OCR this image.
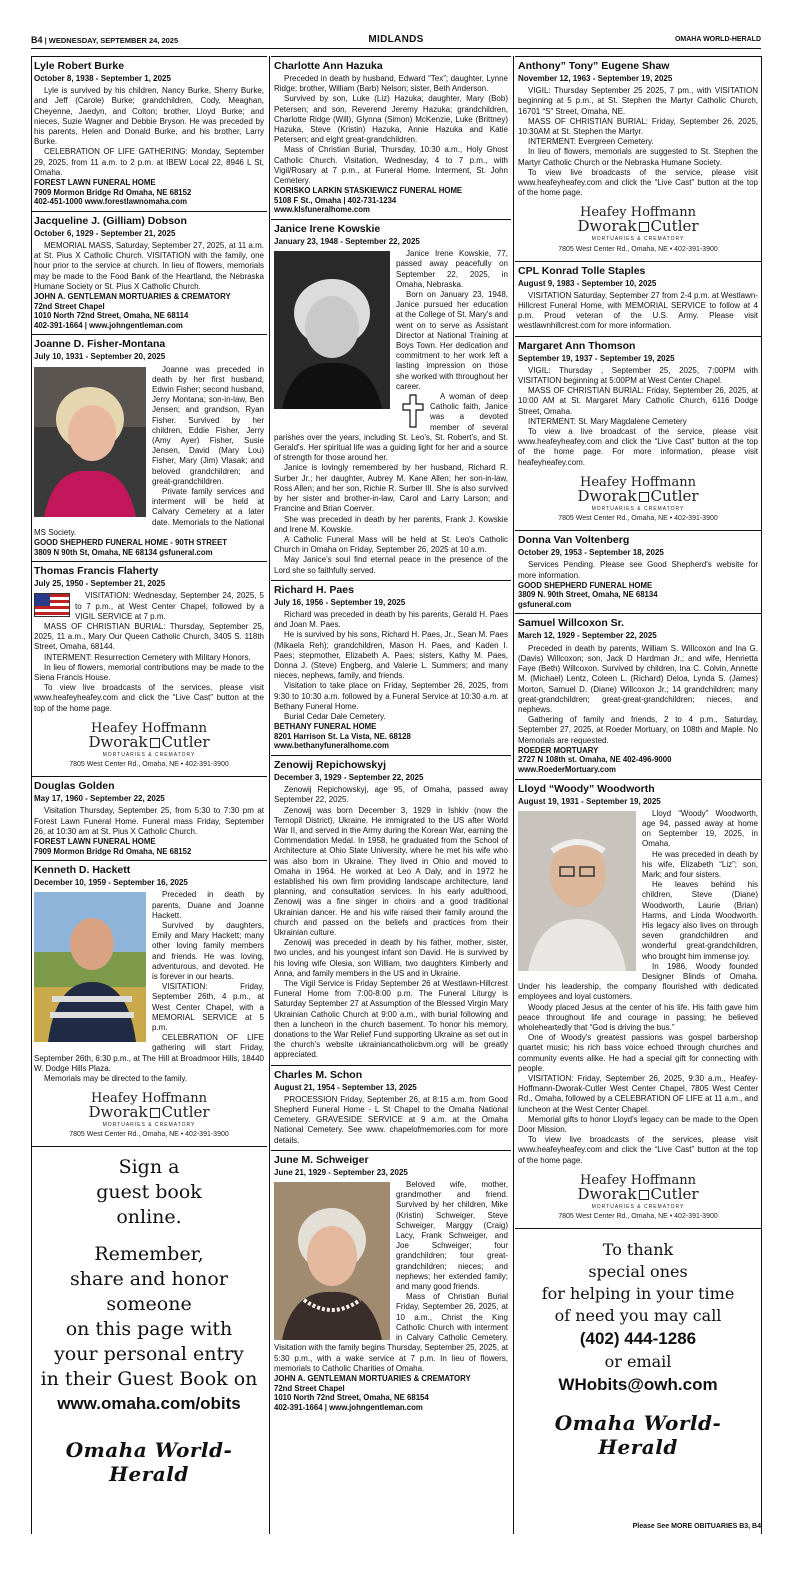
B4 | WEDNESDAY, SEPTEMBER 24, 2025	MIDLANDS	OMAHA WORLD-HERALD
Lyle Robert Burke
October 8, 1938 - September 1, 2025

Lyle is survived by his children, Nancy Burke, Sherry Burke, and Jeff (Carole) Burke; grandchildren, Cody, Meaghan, Cheyenne, Jaedyn, and Colton; brother, Lloyd Burke; and nieces, Suzie Wagner and Debbie Bryson. He was preceded by his parents, Helen and Donald Burke, and his brother, Larry Burke.

CELEBRATION OF LIFE GATHERING: Monday, September 29, 2025, from 11 a.m. to 2 p.m. at IBEW Local 22, 8946 L St, Omaha.

FOREST LAWN FUNERAL HOME
7909 Mormon Bridge Rd Omaha, NE 68152
402-451-1000 www.forestlawnomaha.com
Jacqueline J. (Gilliam) Dobson
October 6, 1929 - September 21, 2025

MEMORIAL MASS, Saturday, September 27, 2025, at 11 a.m. at St. Pius X Catholic Church. VISITATION with the family, one hour prior to the service at church. In lieu of flowers, memorials may be made to the Food Bank of the Heartland, the Nebraska Humane Society or St. Pius X Catholic Church.

JOHN A. GENTLEMAN MORTUARIES & CREMATORY
72nd Street Chapel
1010 North 72nd Street, Omaha, NE 68114
402-391-1664 | www.johngentleman.com
Joanne D. Fisher-Montana
July 10, 1931 - September 20, 2025

Joanne was preceded in death by her first husband, Edwin Fisher; second husband, Jerry Montana; son-in-law, Ben Jensen; and grandson, Ryan Fisher. Survived by her children, Eddie Fisher, Jerry (Amy Ayer) Fisher, Susie Jensen, David (Mary Lou) Fisher, Mary (Jim) Vlasak; and beloved grandchildren; and great-grandchildren.

Private family services and interment will be held at Calvary Cemetery at a later date. Memorials to the National MS Society.

GOOD SHEPHERD FUNERAL HOME - 90TH STREET
3809 N 90th St, Omaha, NE 68134 gsfuneral.com
Thomas Francis Flaherty
July 25, 1950 - September 21, 2025

VISITATION: Wednesday, September 24, 2025, 5 to 7 p.m., at West Center Chapel, followed by a VIGIL SERVICE at 7 p.m.

MASS OF CHRISTIAN BURIAL: Thursday, September 25, 2025, 11 a.m., Mary Our Queen Catholic Church, 3405 S. 118th Street, Omaha, 68144.

INTERMENT: Resurrection Cemetery with Military Honors.

In lieu of flowers, memorial contributions may be made to the Siena Francis House.

To view live broadcasts of the services, please visit www.heafeyheafey.com and click the “Live Cast” button at the top of the home page.

Heafey Hoffmann
Dworak Cutler
MORTUARIES & CREMATORY
7805 West Center Rd., Omaha, NE • 402-391-3900
Douglas Golden
May 17, 1960 - September 22, 2025

Visitation Thursday, September 25, from 5:30 to 7:30 pm at Forest Lawn Funeral Home. Funeral mass Friday, September 26, at 10:30 am at St. Pius X Catholic Church.

FOREST LAWN FUNERAL HOME
7909 Mormon Bridge Rd Omaha, NE 68152
Kenneth D. Hackett
December 10, 1959 - September 16, 2025

Preceded in death by parents, Duane and Joanne Hackett.

Survived by daughters, Emily and Mary Hackett; many other loving family members and friends. He was loving, adventurous, and devoted. He is forever in our hearts.

VISITATION: Friday, September 26th, 4 p.m., at West Center Chapel, with a MEMORIAL SERVICE at 5 p.m.

CELEBRATION OF LIFE gathering will start Friday, September 26th, 6:30 p.m., at The Hill at Broadmoor Hills, 18440 W. Dodge Hills Plaza.

Memorials may be directed to the family.

Heafey Hoffmann
Dworak Cutler
MORTUARIES & CREMATORY
7805 West Center Rd., Omaha, NE • 402-391-3900
Sign a
guest book
online.
Remember,
share and honor
someone
on this page with
your personal entry
in their Guest Book on
www.omaha.com/obits
Omaha World-Herald
Charlotte Ann Hazuka

Preceded in death by husband, Edward “Tex”; daughter, Lynne Ridge; brother, William (Barb) Nelson; sister, Beth Anderson.

Survived by son, Luke (Liz) Hazuka; daughter, Mary (Bob) Petersen; and son, Reverend Jeremy Hazuka; grandchildren, Charlotte Ridge (Will), Glynna (Simon) McKenzie, Luke (Brittney) Hazuka, Steve (Kristin) Hazuka, Annie Hazuka and Katie Petersen; and eight great-grandchildren.

Mass of Christian Burial, Thursday, 10:30 a.m., Holy Ghost Catholic Church. Visitation, Wednesday, 4 to 7 p.m., with Vigil/Rosary at 7 p.m., at Funeral Home. Interment, St. John Cemetery.

KORISKO LARKIN STASKIEWICZ FUNERAL HOME
5108 F St., Omaha | 402-731-1234
www.klsfuneralhome.com
Janice Irene Kowskie
January 23, 1948 - September 22, 2025

Janice Irene Kowskie, 77, passed away peacefully on September 22, 2025, in Omaha, Nebraska.

Born on January 23, 1948, Janice pursued her education at the College of St. Mary's and went on to serve as Assistant Director at National Training at Boys Town. Her dedication and commitment to her work left a lasting impression on those she worked with throughout her career.

A woman of deep Catholic faith, Janice was a devoted member of several parishes over the years, including St. Leo's, St. Robert's, and St. Gerald's. Her spiritual life was a guiding light for her and a source of strength for those around her.

Janice is lovingly remembered by her husband, Richard R. Surber Jr.; her daughter, Aubrey M. Kane Allen; her son-in-law, Ross Allen; and her son, Richie R. Surber III. She is also survived by her sister and brother-in-law, Carol and Larry Larson; and Francine and Brian Coerver.

She was preceded in death by her parents, Frank J. Kowskie and Irene M. Kowskie.

A Catholic Funeral Mass will be held at St. Leo's Catholic Church in Omaha on Friday, September 26, 2025 at 10 a.m.

May Janice's soul find eternal peace in the presence of the Lord she so faithfully served.

Richard H. Paes
July 16, 1956 - September 19, 2025

Richard was preceded in death by his parents, Gerald H. Paes and Joan M. Paes.

He is survived by his sons, Richard H. Paes, Jr., Sean M. Paes (Mikaela Reh); grandchildren, Mason H. Paes, and Kaden I. Paes; stepmother, Elizabeth A. Paes; sisters, Kathy M. Paes, Donna J. (Steve) Engberg, and Valerie L. Summers; and many nieces, nephews, family, and friends.

Visitation to take place on Friday, September 26, 2025, from 9:30 to 10:30 a.m. followed by a Funeral Service at 10:30 a.m. at Bethany Funeral Home.

Burial Cedar Dale Cemetery.

BETHANY FUNERAL HOME
8201 Harrison St. La Vista, NE. 68128
www.bethanyfuneralhome.com
Zenowij Repichowskyj
December 3, 1929 - September 22, 2025

Zenowij Repichowskyj, age 95, of Omaha, passed away September 22, 2025.

Zenowij was born December 3, 1929 in Ishkiv (now the Ternopil District), Ukraine. He immigrated to the US after World War II, and served in the Army during the Korean War, earning the Commendation Medal. In 1958, he graduated from the School of Architecture at Ohio State University, where he met his wife who was also born in Ukraine. They lived in Ohio and moved to Omaha in 1964. He worked at Leo A Daly, and in 1972 he established his own firm providing landscape architecture, land planning, and consultation services. In his early adulthood, Zenowij was a fine singer in choirs and a good traditional Ukrainian dancer. He and his wife raised their family around the church and passed on the beliefs and practices from their Ukrainian culture.

Zenowij was preceded in death by his father, mother, sister, two uncles, and his youngest infant son David. He is survived by his loving wife Olesia, son William, two daughters Kimberly and Anna, and family members in the US and in Ukraine.

The Vigil Service is Friday September 26 at Westlawn-Hillcrest Funeral Home from 7:00-8:00 p.m. The Funeral Liturgy is Saturday September 27 at Assumption of the Blessed Virgin Mary Ukrainian Catholic Church at 9:00 a.m., with burial following and then a luncheon in the church basement. To honor his memory, donations to the War Relief Fund supporting Ukraine as set out in the church's website ukrainiancatholicbvm.org will be greatly appreciated.

Charles M. Schon
August 21, 1954 - September 13, 2025

PROCESSION Friday, September 26, at 8:15 a.m. from Good Shepherd Funeral Home - L St Chapel to the Omaha National Cemetery. GRAVESIDE SERVICE at 9 a.m. at the Omaha National Cemetery. See www. chapelofmemories.com for more details.

June M. Schweiger
June 21, 1929 - September 23, 2025

Beloved wife, mother, grandmother and friend. Survived by her children, Mike (Kristin) Schweiger, Steve Schweiger, Marggy (Craig) Lacy, Frank Schweiger, and Joe Schweiger; four grandchildren; four great-grandchildren; nieces; and nephews; her extended family; and many good friends.

Mass of Christian Burial Friday, September 26, 2025, at 10 a.m., Christ the King Catholic Church with interment in Calvary Catholic Cemetery. Visitation with the family begins Thursday, September 25, 2025, at 5:30 p.m., with a wake service at 7 p.m. In lieu of flowers, memorials to Catholic Charities of Omaha.

JOHN A. GENTLEMAN MORTUARIES & CREMATORY
72nd Street Chapel
1010 North 72nd Street, Omaha, NE 68154
402-391-1664 | www.johngentleman.com
Anthony” Tony” Eugene Shaw
November 12, 1963 - September 19, 2025

VIGIL: Thursday September 25 2025, 7 pm., with VISITATION beginning at 5 p.m., at St. Stephen the Martyr Catholic Church, 16701 “S” Street, Omaha, NE.

MASS OF CHRISTIAN BURIAL: Friday, September 26, 2025, 10:30AM at St. Stephen the Martyr.

INTERMENT: Evergreen Cemetery.

In lieu of flowers, memorials are suggested to St. Stephen the Martyr Catholic Church or the Nebraska Humane Society.

To view live broadcasts of the service, please visit www.heafeyheafey.com and click the “Live Cast” button at the top of the home page.

Heafey Hoffmann
Dworak Cutler
MORTUARIES & CREMATORY
7805 West Center Rd., Omaha, NE • 402-391-3900
CPL Konrad Tolle Staples
August 9, 1983 - September 10, 2025

VISITATION Saturday, September 27 from 2-4 p.m. at Westlawn-Hillcrest Funeral Home, with MEMORIAL SERVICE to follow at 4 p.m. Proud veteran of the U.S. Army. Please visit westlawnhillcrest.com for more information.

Margaret Ann Thomson
September 19, 1937 - September 19, 2025

VIGIL: Thursday , September 25, 2025, 7:00PM with VISITATION beginning at 5:00PM at West Center Chapel.

MASS OF CHRISTIAN BURIAL: Friday, September 26, 2025, at 10:00 AM at St. Margaret Mary Catholic Church, 6116 Dodge Street, Omaha.

INTERMENT: St. Mary Magdalene Cemetery

To view a live broadcast of the service, please visit www.heafeyheafey.com and click the “Live Cast” button at the top of the home page. For more information, please visit heafeyheafey.com.

Heafey Hoffmann
Dworak Cutler
MORTUARIES & CREMATORY
7805 West Center Rd., Omaha, NE • 402-391-3900
Donna Van Voltenberg
October 29, 1953 - September 18, 2025

Services Pending. Please see Good Shepherd's website for more information.

GOOD SHEPHERD FUNERAL HOME
3809 N. 90th Street, Omaha, NE 68134
gsfuneral.com
Samuel Willcoxon Sr.
March 12, 1929 - September 22, 2025

Preceded in death by parents, William S. Willcoxon and Ina G. (Davis) Willcoxon; son, Jack D Hardman Jr.; and wife, Henrietta Faye (Beth) Willcoxon. Survived by children, Ina C. Colvin, Annette M. (Michael) Lentz, Coleen L. (Richard) Deloa, Lynda S. (James) Morton, Samuel D. (Diane) Willcoxon Jr.; 14 grandchildren; many great-grandchildren; great-great-grandchildren; nieces, and nephews.

Gathering of family and friends, 2 to 4 p.m., Saturday, September 27, 2025, at Roeder Mortuary, on 108th and Maple. No Memorials are requested.

ROEDER MORTUARY
2727 N 108th st. Omaha, NE 402-496-9000
www.RoederMortuary.com
Lloyd “Woody” Woodworth
August 19, 1931 - September 19, 2025

Lloyd “Woody” Woodworth, age 94, passed away at home on September 19, 2025, in Omaha.

He was preceded in death by his wife, Elizabeth “Liz”; son, Mark; and four sisters.

He leaves behind his children, Steve (Diane) Woodworth, Laurie (Brian) Harms, and Linda Woodworth. His legacy also lives on through seven grandchildren and wonderful great-grandchildren, who brought him immense joy.

In 1986, Woody founded Designer Blinds of Omaha. Under his leadership, the company flourished with dedicated employees and loyal customers.

Woody placed Jesus at the center of his life. His faith gave him peace throughout life and courage in passing; he believed wholeheartedly that “God is driving the bus.”

One of Woody's greatest passions was gospel barbershop quartet music; his rich bass voice echoed through churches and community events alike. He had a special gift for connecting with people.

VISITATION: Friday, September 26, 2025, 9:30 a.m., Heafey-Hoffmann-Dworak-Cutler West Center Chapel, 7805 West Center Rd., Omaha, followed by a CELEBRATION OF LIFE at 11 a.m., and luncheon at the West Center Chapel.

Memorial gifts to honor Lloyd's legacy can be made to the Open Door Mission.

To view live broadcasts of the services, please visit www.heafeyheafey.com and click the “Live Cast” button at the top of the home page.

Heafey Hoffmann
Dworak Cutler
MORTUARIES & CREMATORY
7805 West Center Rd., Omaha, NE • 402-391-3900
To thank
special ones
for helping in your time
of need you may call
(402) 444-1286
or email
WHobits@owh.com
Omaha World-Herald
Please See MORE OBITUARIES B3, B4
